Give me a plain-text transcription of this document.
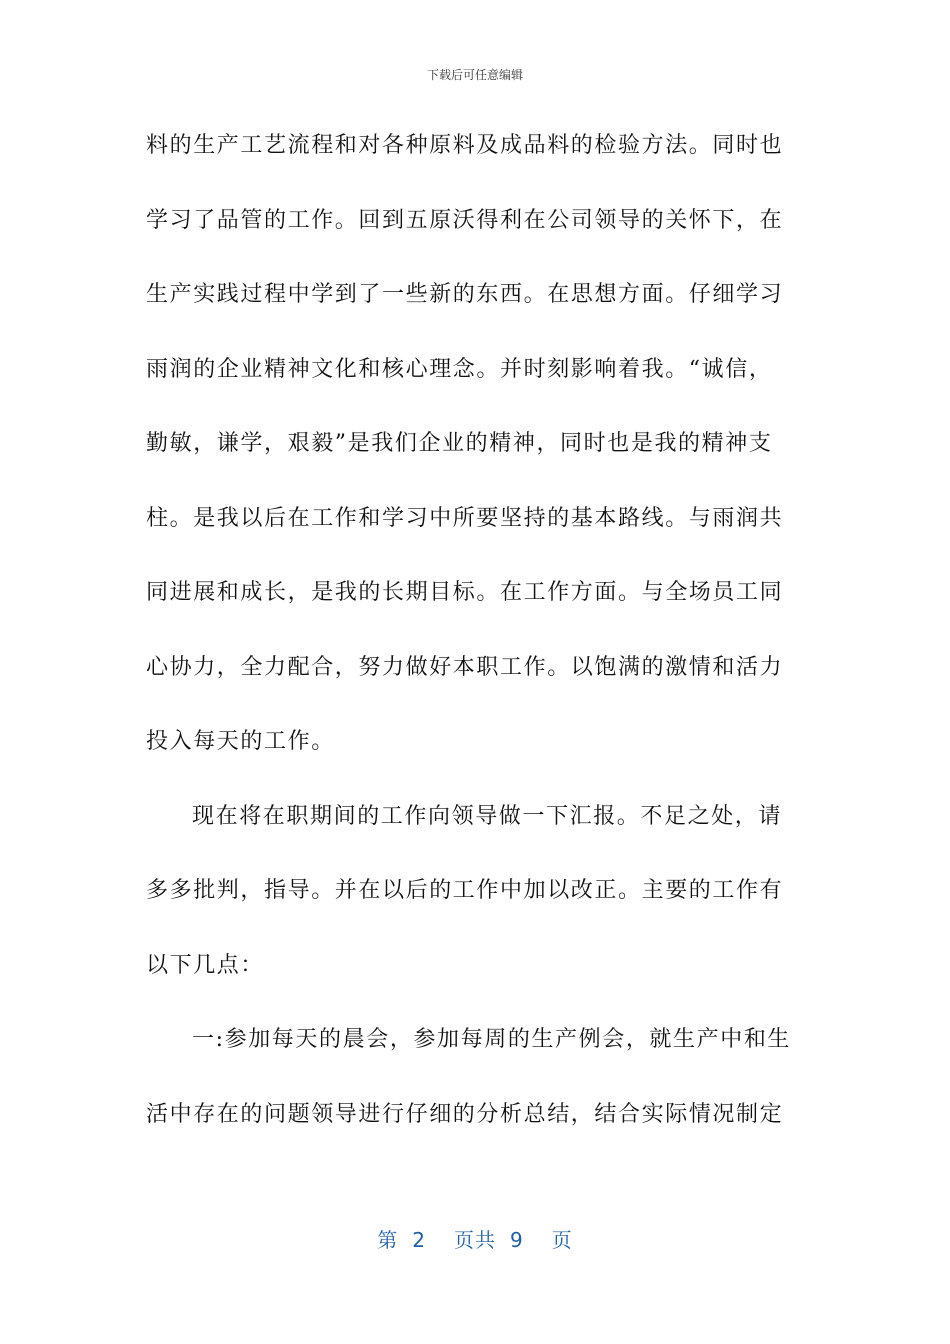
下载后可任意编辑
料的生产工艺流程和对各种原料及成品料的检验方法。同时也
学习了品管的工作。回到五原沃得利在公司领导的关怀下，在
生产实践过程中学到了一些新的东西。在思想方面。仔细学习
雨润的企业精神文化和核心理念。并时刻影响着我。“诚信，
勤敏，谦学，艰毅”是我们企业的精神，同时也是我的精神支
柱。是我以后在工作和学习中所要坚持的基本路线。与雨润共
同进展和成长，是我的长期目标。在工作方面。与全场员工同
心协力，全力配合，努力做好本职工作。以饱满的激情和活力
投入每天的工作。
现在将在职期间的工作向领导做一下汇报。不足之处，请
多多批判，指导。并在以后的工作中加以改正。主要的工作有
以下几点：
一:参加每天的晨会，参加每周的生产例会，就生产中和生
活中存在的问题领导进行仔细的分析总结，结合实际情况制定
第 2 页共 9 页
